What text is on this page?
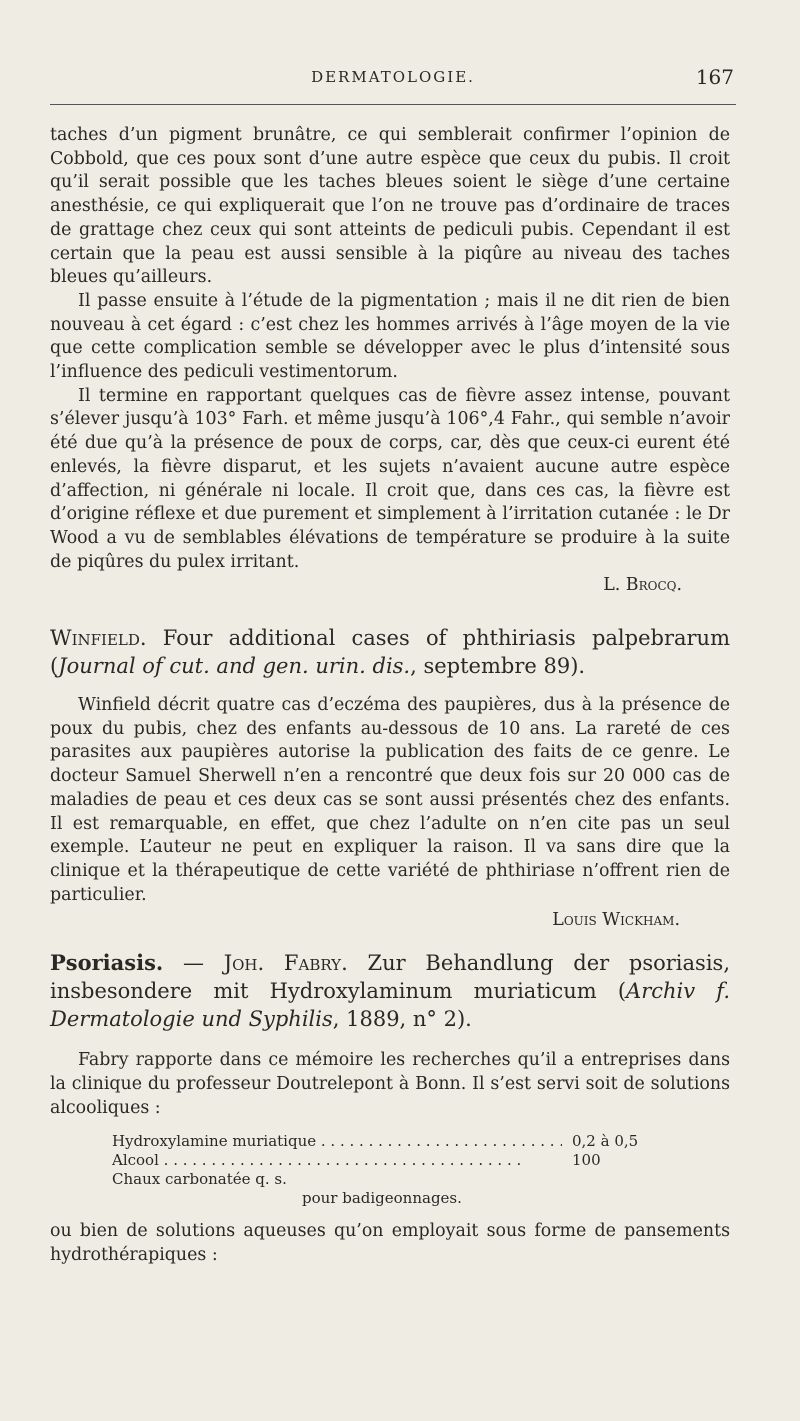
DERMATOLOGIE.	167

taches d’un pigment brunâtre, ce qui semblerait confirmer l’opinion de Cobbold, que ces poux sont d’une autre espèce que ceux du pubis. Il croit qu’il serait possible que les taches bleues soient le siège d’une certaine anesthésie, ce qui expliquerait que l’on ne trouve pas d’ordinaire de traces de grattage chez ceux qui sont atteints de pediculi pubis. Cependant il est certain que la peau est aussi sensible à la piqûre au niveau des taches bleues qu’ailleurs.

Il passe ensuite à l’étude de la pigmentation ; mais il ne dit rien de bien nouveau à cet égard : c’est chez les hommes arrivés à l’âge moyen de la vie que cette complication semble se développer avec le plus d’intensité sous l’influence des pediculi vestimentorum.

Il termine en rapportant quelques cas de fièvre assez intense, pouvant s’élever jusqu’à 103° Farh. et même jusqu’à 106°,4 Fahr., qui semble n’avoir été due qu’à la présence de poux de corps, car, dès que ceux-ci eurent été enlevés, la fièvre disparut, et les sujets n’avaient aucune autre espèce d’affection, ni générale ni locale. Il croit que, dans ces cas, la fièvre est d’origine réflexe et due purement et simplement à l’irritation cutanée : le Dr Wood a vu de semblables élévations de température se produire à la suite de piqûres du pulex irritant.

L. Brocq.

Winfield. Four additional cases of phthiriasis palpebrarum (Journal of cut. and gen. urin. dis., septembre 89).

Winfield décrit quatre cas d’eczéma des paupières, dus à la présence de poux du pubis, chez des enfants au-dessous de 10 ans. La rareté de ces parasites aux paupières autorise la publication des faits de ce genre. Le docteur Samuel Sherwell n’en a rencontré que deux fois sur 20 000 cas de maladies de peau et ces deux cas se sont aussi présentés chez des enfants. Il est remarquable, en effet, que chez l’adulte on n’en cite pas un seul exemple. L’auteur ne peut en expliquer la raison. Il va sans dire que la clinique et la thérapeutique de cette variété de phthiriase n’offrent rien de particulier.

Louis Wickham.

Psoriasis. — Joh. Fabry. Zur Behandlung der psoriasis, insbesondere mit Hydroxylaminum muriaticum (Archiv f. Dermatologie und Syphilis, 1889, n° 2).

Fabry rapporte dans ce mémoire les recherches qu’il a entreprises dans la clinique du professeur Doutrelepont à Bonn. Il s’est servi soit de solutions alcooliques :

Hydroxylamine muriatique . . .	0,2 à 0,5
Alcool . . .	100
Chaux carbonatée q. s.
pour badigeonnages.

ou bien de solutions aqueuses qu’on employait sous forme de pansements hydrothérapiques :
